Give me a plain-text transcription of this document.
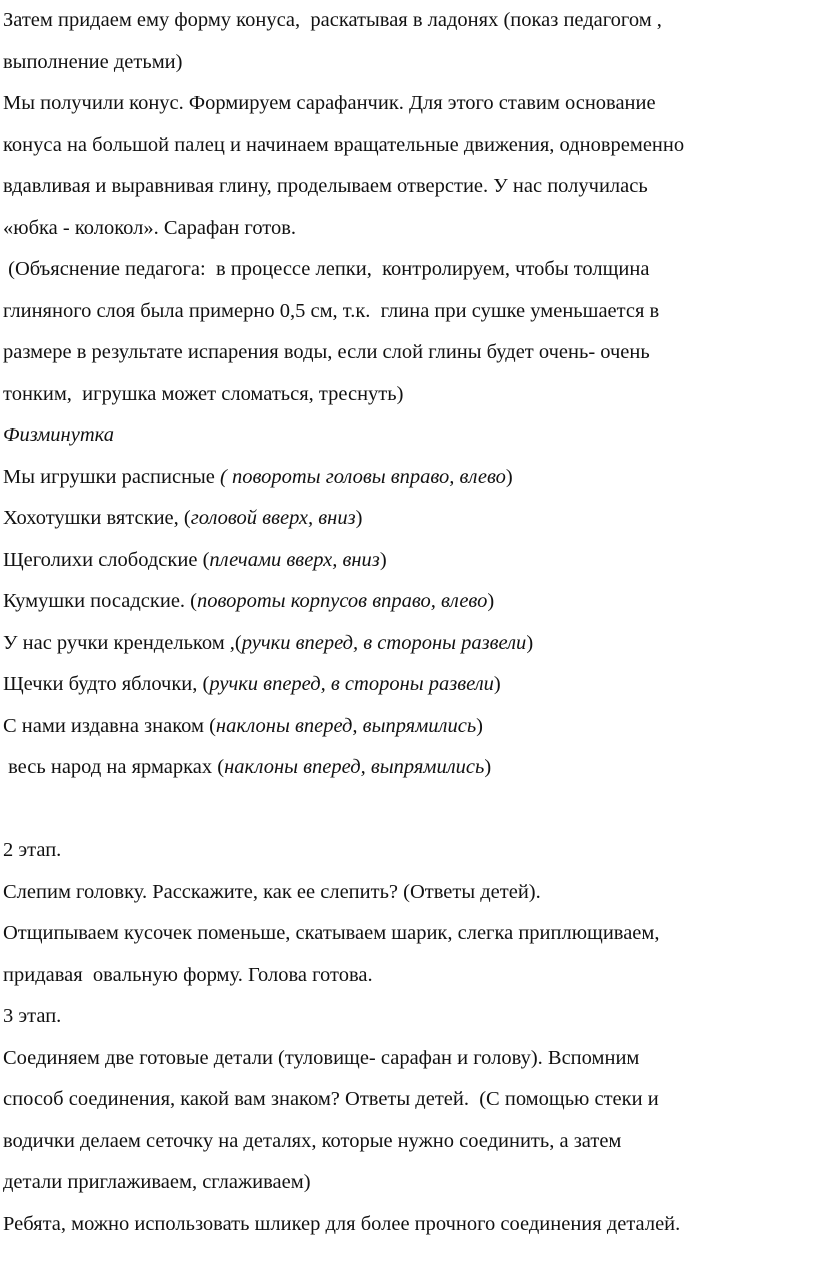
Затем придаем ему форму конуса,  раскатывая в ладонях (показ педагогом ,
выполнение детьми)
Мы получили конус. Формируем сарафанчик. Для этого ставим основание
конуса на большой палец и начинаем вращательные движения, одновременно
вдавливая и выравнивая глину, проделываем отверстие. У нас получилась
«юбка - колокол». Сарафан готов.
(Объяснение педагога:  в процессе лепки,  контролируем, чтобы толщина
глиняного слоя была примерно 0,5 см, т.к.  глина при сушке уменьшается в
размере в результате испарения воды, если слой глины будет очень- очень
тонким,  игрушка может сломаться, треснуть)
Физминутка
Мы игрушки расписные ( повороты головы вправо, влево)
Хохотушки вятские, (головой вверх, вниз)
Щеголихи слободские (плечами вверх, вниз)
Кумушки посадские. (повороты корпусов вправо, влево)
У нас ручки крендельком ,(ручки вперед, в стороны развели)
Щечки будто яблочки, (ручки вперед, в стороны развели)
С нами издавна знаком (наклоны вперед, выпрямились)
весь народ на ярмарках (наклоны вперед, выпрямились)
2 этап.
Слепим головку. Расскажите, как ее слепить? (Ответы детей).
Отщипываем кусочек поменьше, скатываем шарик, слегка приплющиваем,
придавая  овальную форму. Голова готова.
3 этап.
Соединяем две готовые детали (туловище- сарафан и голову). Вспомним
способ соединения, какой вам знаком? Ответы детей.  (С помощью стеки и
водички делаем сеточку на деталях, которые нужно соединить, а затем
детали приглаживаем, сглаживаем)
Ребята, можно использовать шликер для более прочного соединения деталей.
